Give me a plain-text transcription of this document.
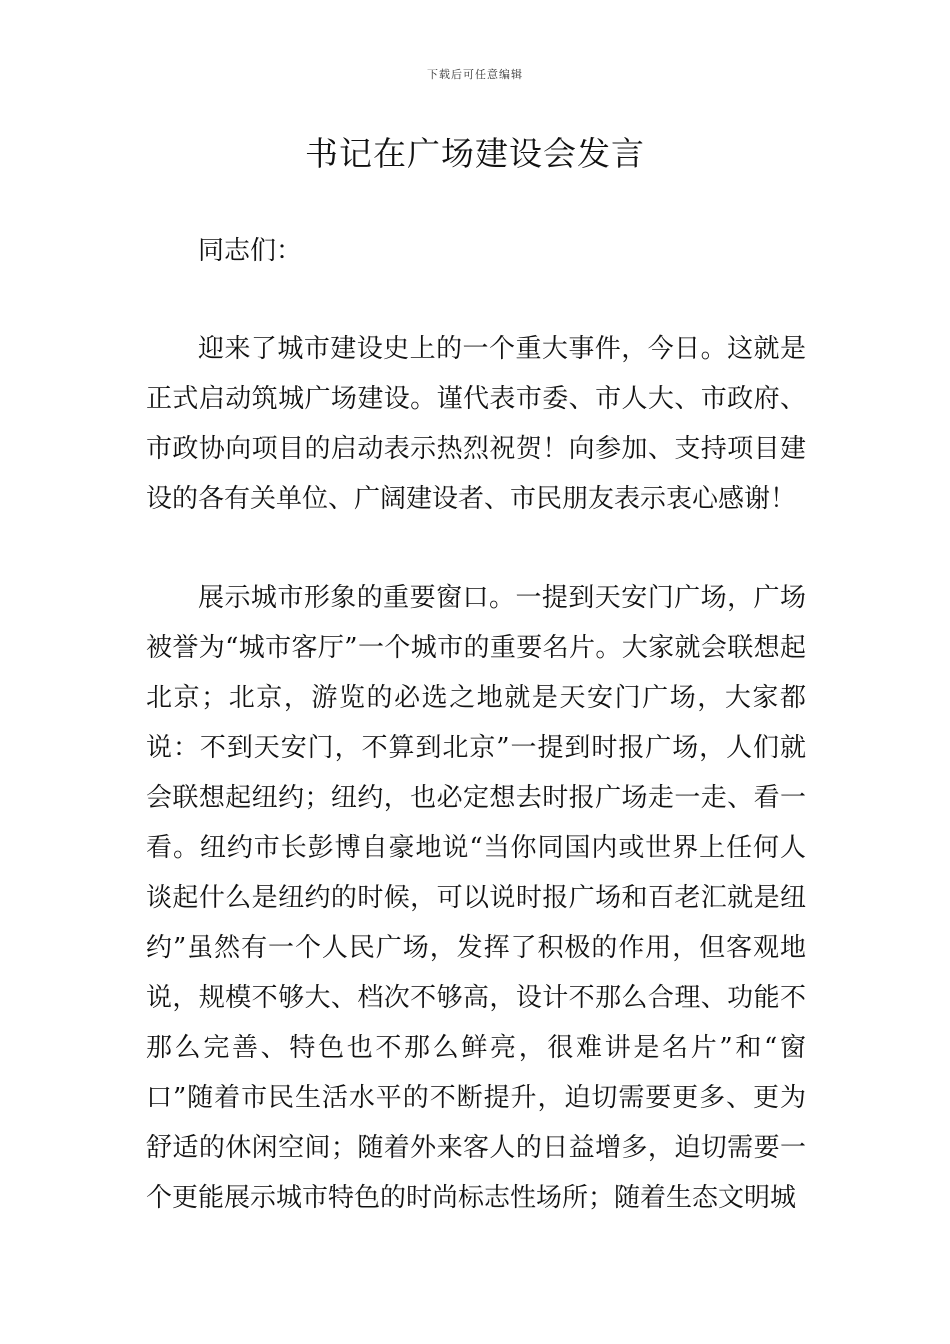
下载后可任意编辑
书记在广场建设会发言

同志们：

迎来了城市建设史上的一个重大事件，今日。这就是正式启动筑城广场建设。谨代表市委、市人大、市政府、市政协向项目的启动表示热烈祝贺！向参加、支持项目建设的各有关单位、广阔建设者、市民朋友表示衷心感谢！

展示城市形象的重要窗口。一提到天安门广场，广场被誉为“城市客厅”一个城市的重要名片。大家就会联想起北京；北京，游览的必选之地就是天安门广场，大家都说：不到天安门，不算到北京”一提到时报广场，人们就会联想起纽约；纽约，也必定想去时报广场走一走、看一看。纽约市长彭博自豪地说“当你同国内或世界上任何人谈起什么是纽约的时候，可以说时报广场和百老汇就是纽约”虽然有一个人民广场，发挥了积极的作用，但客观地说，规模不够大、档次不够高，设计不那么合理、功能不那么完善、特色也不那么鲜亮，很难讲是名片”和“窗口”随着市民生活水平的不断提升，迫切需要更多、更为舒适的休闲空间；随着外来客人的日益增多，迫切需要一个更能展示城市特色的时尚标志性场所；随着生态文明城
